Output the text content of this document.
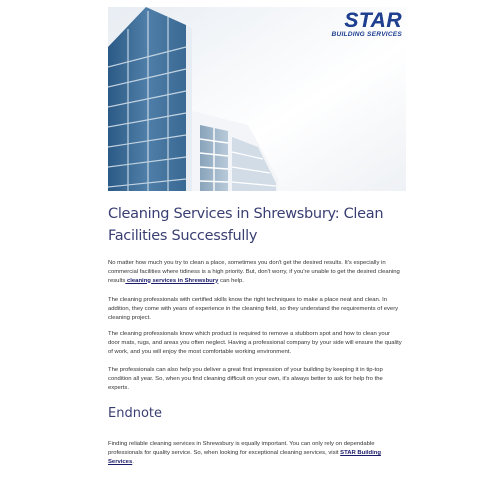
STAR
BUILDING SERVICES
Cleaning Services in Shrewsbury: Clean Facilities Successfully

No matter how much you try to clean a place, sometimes you don't get the desired results. It's especially in commercial facilities where tidiness is a high priority. But, don't worry, if you're unable to get the desired cleaning results cleaning services in Shrewsbury can help.

The cleaning professionals with certified skills know the right techniques to make a place neat and clean. In addition, they come with years of experience in the cleaning field, so they understand the requirements of every cleaning project.

The cleaning professionals know which product is required to remove a stubborn spot and how to clean your door mats, rugs, and areas you often neglect. Having a professional company by your side will ensure the quality of work, and you will enjoy the most comfortable working environment.

The professionals can also help you deliver a great first impression of your building by keeping it in tip-top condition all year. So, when you find cleaning difficult on your own, it's always better to ask for help fro the experts.

Endnote

Finding reliable cleaning services in Shrewsbury is equally important. You can only rely on dependable professionals for quality service. So, when looking for exceptional cleaning services, visit STAR Building Services.
